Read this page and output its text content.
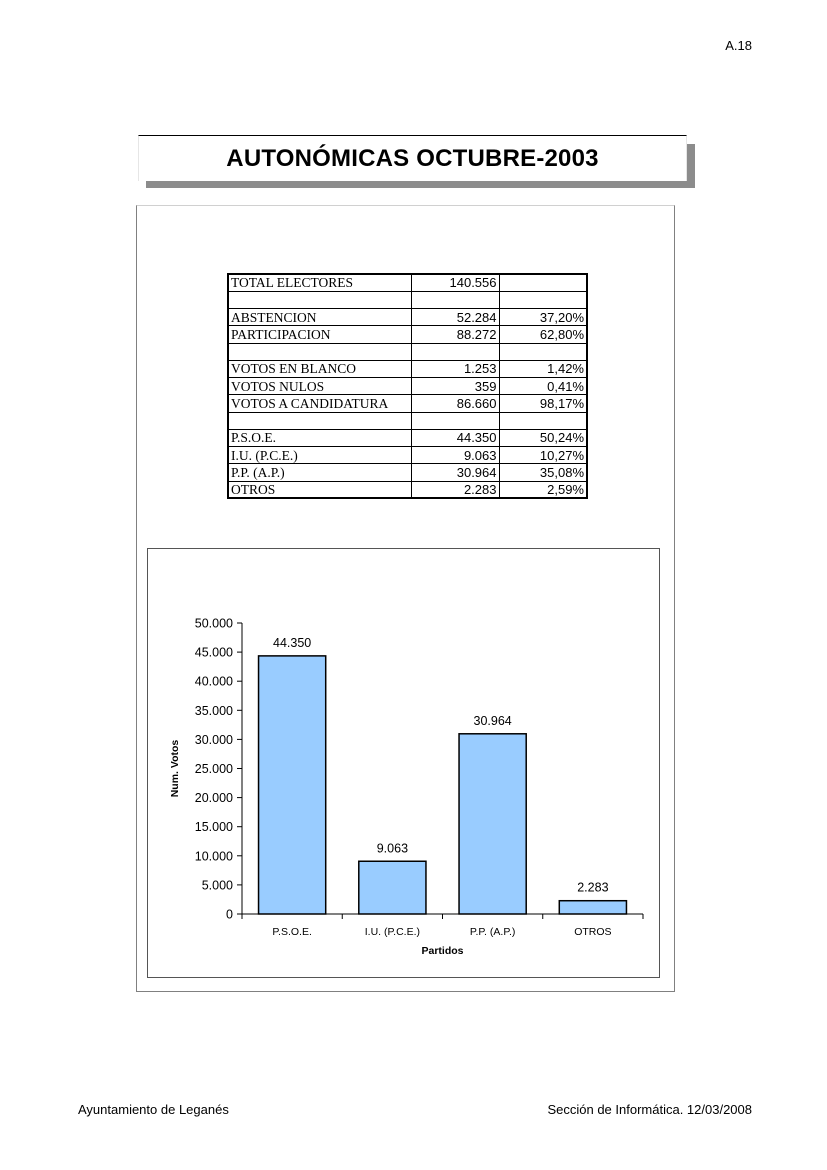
A.18
AUTONÓMICAS OCTUBRE-2003
TOTAL ELECTORES	140.556	

ABSTENCION	52.284	37,20%
PARTICIPACION	88.272	62,80%

VOTOS EN BLANCO	1.253	1,42%
VOTOS NULOS	359	0,41%
VOTOS A CANDIDATURA	86.660	98,17%

P.S.O.E.	44.350	50,24%
I.U. (P.C.E.)	9.063	10,27%
P.P. (A.P.)	30.964	35,08%
OTROS	2.283	2,59%
0
5.000
10.000
15.000
20.000
25.000
30.000
35.000
40.000
45.000
50.000
44.350
P.S.O.E.
9.063
I.U. (P.C.E.)
30.964
P.P. (A.P.)
2.283
OTROS
Partidos
Num. Votos
Ayuntamiento de Leganés	Sección de Informática. 12/03/2008
